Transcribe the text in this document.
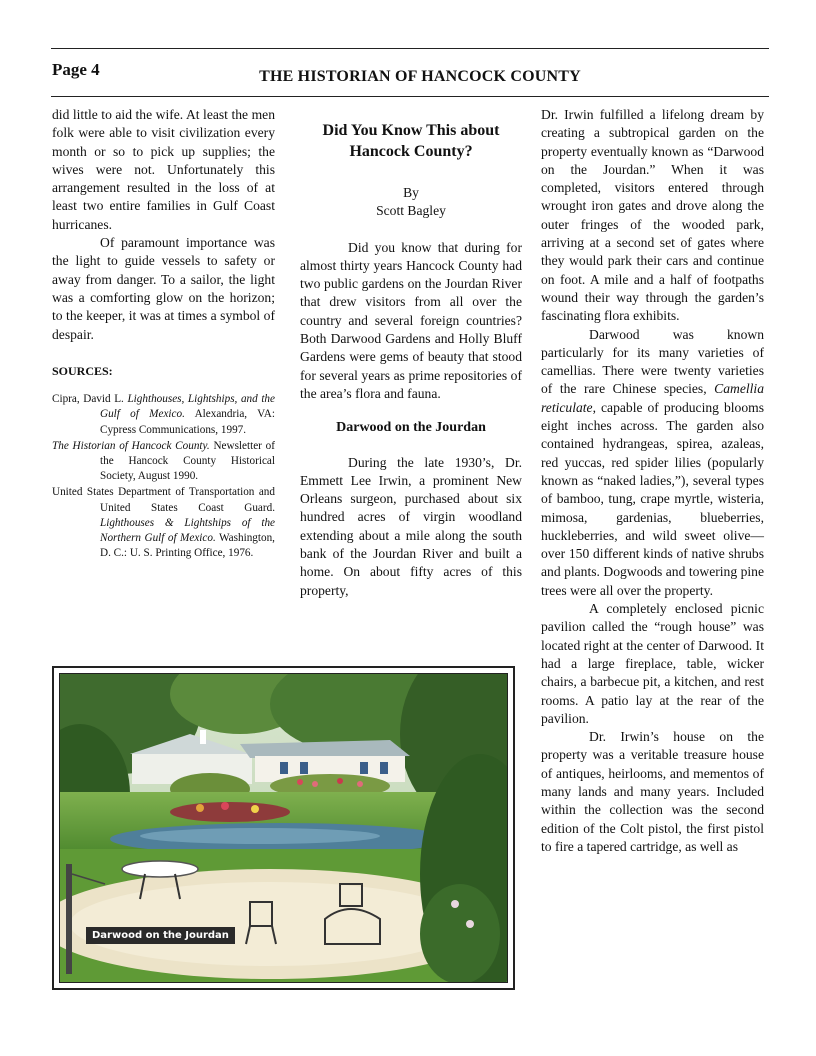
Page 4	THE HISTORIAN OF HANCOCK COUNTY

did little to aid the wife. At least the men folk were able to visit civilization every month or so to pick up supplies; the wives were not. Unfortunately this arrangement resulted in the loss of at least two entire families in Gulf Coast hurricanes.

Of paramount importance was the light to guide vessels to safety or away from danger. To a sailor, the light was a comforting glow on the horizon; to the keeper, it was at times a symbol of despair.

SOURCES:

Cipra, David L. Lighthouses, Lightships, and the Gulf of Mexico. Alexandria, VA: Cypress Communications, 1997.

The Historian of Hancock County. Newsletter of the Hancock County Historical Society, August 1990.

United States Department of Transportation and United States Coast Guard. Lighthouses & Lightships of the Northern Gulf of Mexico. Washington, D. C.: U. S. Printing Office, 1976.

Did You Know This about Hancock County?

By

Scott Bagley

Did you know that during for almost thirty years Hancock County had two public gardens on the Jourdan River that drew visitors from all over the country and several foreign countries? Both Darwood Gardens and Holly Bluff Gardens were gems of beauty that stood for several years as prime repositories of the area’s flora and fauna.

Darwood on the Jourdan

During the late 1930’s, Dr. Emmett Lee Irwin, a prominent New Orleans surgeon, purchased about six hundred acres of virgin woodland extending about a mile along the south bank of the Jourdan River and built a home. On about fifty acres of this property,

Dr. Irwin fulfilled a lifelong dream by creating a subtropical garden on the property eventually known as “Darwood on the Jourdan.” When it was completed, visitors entered through wrought iron gates and drove along the outer fringes of the wooded park, arriving at a second set of gates where they would park their cars and continue on foot. A mile and a half of footpaths wound their way through the garden’s fascinating flora exhibits.

Darwood was known particularly for its many varieties of camellias. There were twenty varieties of the rare Chinese species, Camellia reticulate, capable of producing blooms eight inches across. The garden also contained hydrangeas, spirea, azaleas, red yuccas, red spider lilies (popularly known as “naked ladies,”), several types of bamboo, tung, crape myrtle, wisteria, mimosa, gardenias, blueberries, huckleberries, and wild sweet olive—over 150 different kinds of native shrubs and plants. Dogwoods and towering pine trees were all over the property.

A completely enclosed picnic pavilion called the “rough house” was located right at the center of Darwood. It had a large fireplace, table, wicker chairs, a barbecue pit, a kitchen, and rest rooms. A patio lay at the rear of the pavilion.

Dr. Irwin’s house on the property was a veritable treasure house of antiques, heirlooms, and mementos of many lands and many years. Included within the collection was the second edition of the Colt pistol, the first pistol to fire a tapered cartridge, as well as

Darwood on the Jourdan
